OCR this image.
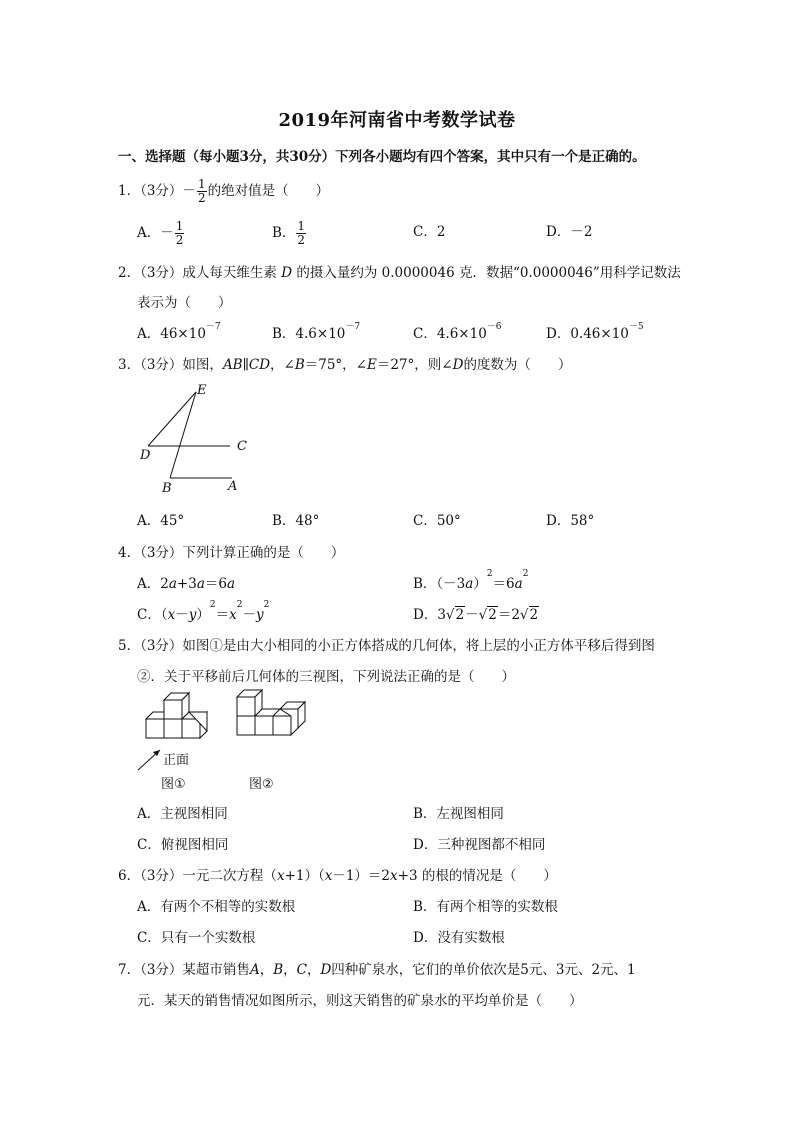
2019年河南省中考数学试卷
一、选择题（每小题3分，共30分）下列各小题均有四个答案，其中只有一个是正确的。
1．（3分）－ $\frac{1}{2}$ 的绝对值是（　　）
A．－ $\frac{1}{2}$	B． $\frac{1}{2}$	C．2	D．－2
2．（3分）成人每天维生素 D 的摄入量约为 0.0000046 克．数据“0.0000046”用科学记数法
表示为（　　）
A．$46\times 10^{-7}$	B．$4.6\times 10^{-7}$	C．$4.6\times 10^{-6}$	D．$0.46\times 10^{-5}$
3．（3分）如图，AB∥CD，∠B＝75°，∠E＝27°，则∠D的度数为（　　）
E
C
D
B	A
A．45°	B．48°	C．50°	D．58°
4．（3分）下列计算正确的是（　　）
A．2a+3a＝6a	B．$(-3a)^2=6a^2$
C．$(x-y)^2=x^2-y^2$
D．3√2－√2＝2√2
5．（3分）如图①是由大小相同的小正方体搭成的几何体，将上层的小正方体平移后得到图
②．关于平移前后几何体的三视图，下列说法正确的是（　　）
正面
图①	图②
A．主视图相同	B．左视图相同
C．俯视图相同	D．三种视图都不相同
6．（3分）一元二次方程（x+1）（x－1）＝2x+3 的根的情况是（　　）
A．有两个不相等的实数根	B．有两个相等的实数根
C．只有一个实数根	D．没有实数根
7．（3分）某超市销售A，B，C，D四种矿泉水，它们的单价依次是5元、3元、2元、1
元．某天的销售情况如图所示，则这天销售的矿泉水的平均单价是（　　）
